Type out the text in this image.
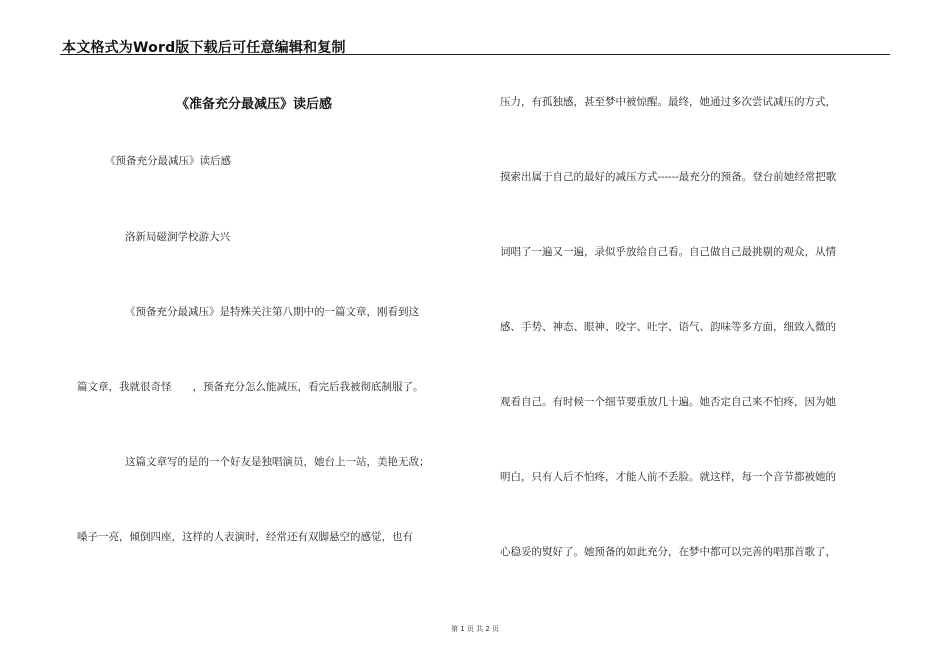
本文格式为Word版下载后可任意编辑和复制
《准备充分最减压》读后感
《预备充分最减压》读后感
洛新局磁涧学校游大兴
《预备充分最减压》是特殊关注第八期中的一篇文章，刚看到这
篇文章，我就很奇怪　　，预备充分怎么能减压，看完后我被彻底制服了。
这篇文章写的是的一个好友是独唱演员，她台上一站，美艳无敌；
嗓子一亮，倾倒四座，这样的人表演时，经常还有双脚悬空的感觉，也有
压力，有孤独感，甚至梦中被惊醒。最终，她通过多次尝试减压的方式，
摸索出属于自己的最好的减压方式------最充分的预备。登台前她经常把歌
词唱了一遍又一遍，录似乎放给自己看。自己做自己最挑剔的观众，从情
感、手势、神态、眼神、咬字、吐字、语气、韵味等多方面，细致入微的
观看自己。有时候一个细节要重放几十遍。她否定自己来不怕疼，因为她
明白，只有人后不怕疼，才能人前不丢脸。就这样，每一个音节都被她的
心稳妥的熨好了。她预备的如此充分，在梦中都可以完善的唱那首歌了，
第 1 页 共 2 页
